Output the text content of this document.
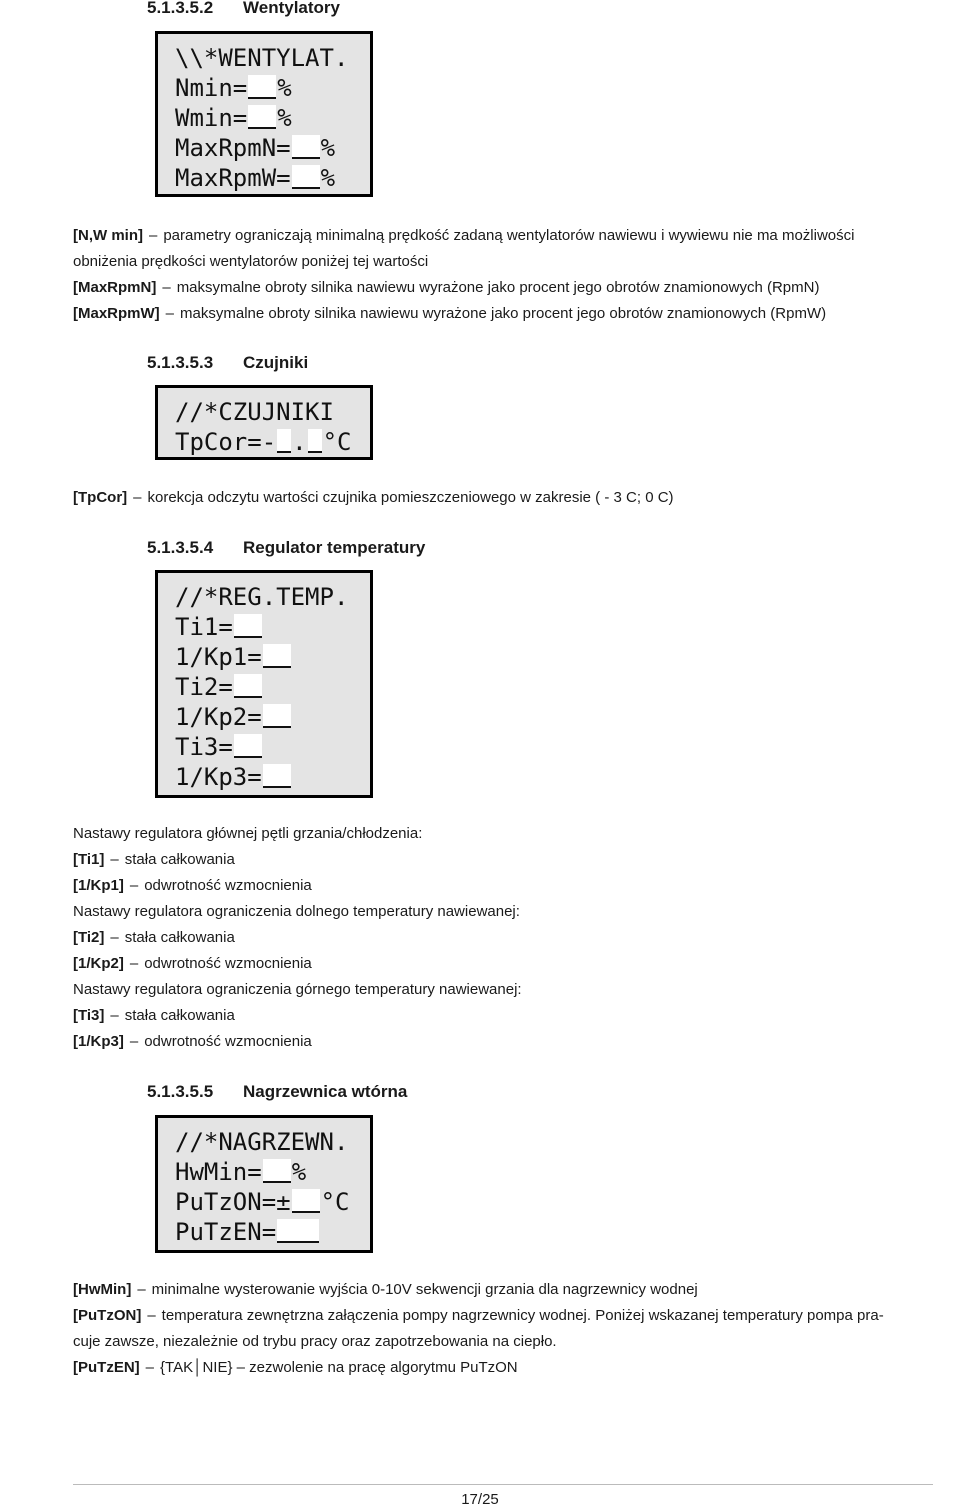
5.1.3.5.2 Wentylatory
\\*WENTYLAT.
Nmin= %
Wmin= %
MaxRpmN= %
MaxRpmW= %
[N,W min] – parametry ograniczają minimalną prędkość zadaną wentylatorów nawiewu i wywiewu nie ma możliwości
obniżenia prędkości wentylatorów poniżej tej wartości
[MaxRpmN] – maksymalne obroty silnika nawiewu wyrażone jako procent jego obrotów znamionowych (RpmN)
[MaxRpmW] – maksymalne obroty silnika nawiewu wyrażone jako procent jego obrotów znamionowych (RpmW)
5.1.3.5.3 Czujniki
//*CZUJNIKI
TpCor=- . °C
[TpCor] – korekcja odczytu wartości czujnika pomieszczeniowego w zakresie ( - 3 C; 0 C)
5.1.3.5.4 Regulator temperatury
//*REG.TEMP.
Ti1=
1/Kp1=
Ti2=
1/Kp2=
Ti3=
1/Kp3=
Nastawy regulatora głównej pętli grzania/chłodzenia:
[Ti1] – stała całkowania
[1/Kp1] – odwrotność wzmocnienia
Nastawy regulatora ograniczenia dolnego temperatury nawiewanej:
[Ti2] – stała całkowania
[1/Kp2] – odwrotność wzmocnienia
Nastawy regulatora ograniczenia górnego temperatury nawiewanej:
[Ti3] – stała całkowania
[1/Kp3] – odwrotność wzmocnienia
5.1.3.5.5 Nagrzewnica wtórna
//*NAGRZEWN.
HwMin= %
PuTzON=± °C
PuTzEN=
[HwMin] – minimalne wysterowanie wyjścia 0-10V sekwencji grzania dla nagrzewnicy wodnej
[PuTzON] – temperatura zewnętrzna załączenia pompy nagrzewnicy wodnej. Poniżej wskazanej temperatury pompa pra-
cuje zawsze, niezależnie od trybu pracy oraz zapotrzebowania na ciepło.
[PuTzEN] – {TAK│NIE} – zezwolenie na pracę algorytmu PuTzON
17/25
